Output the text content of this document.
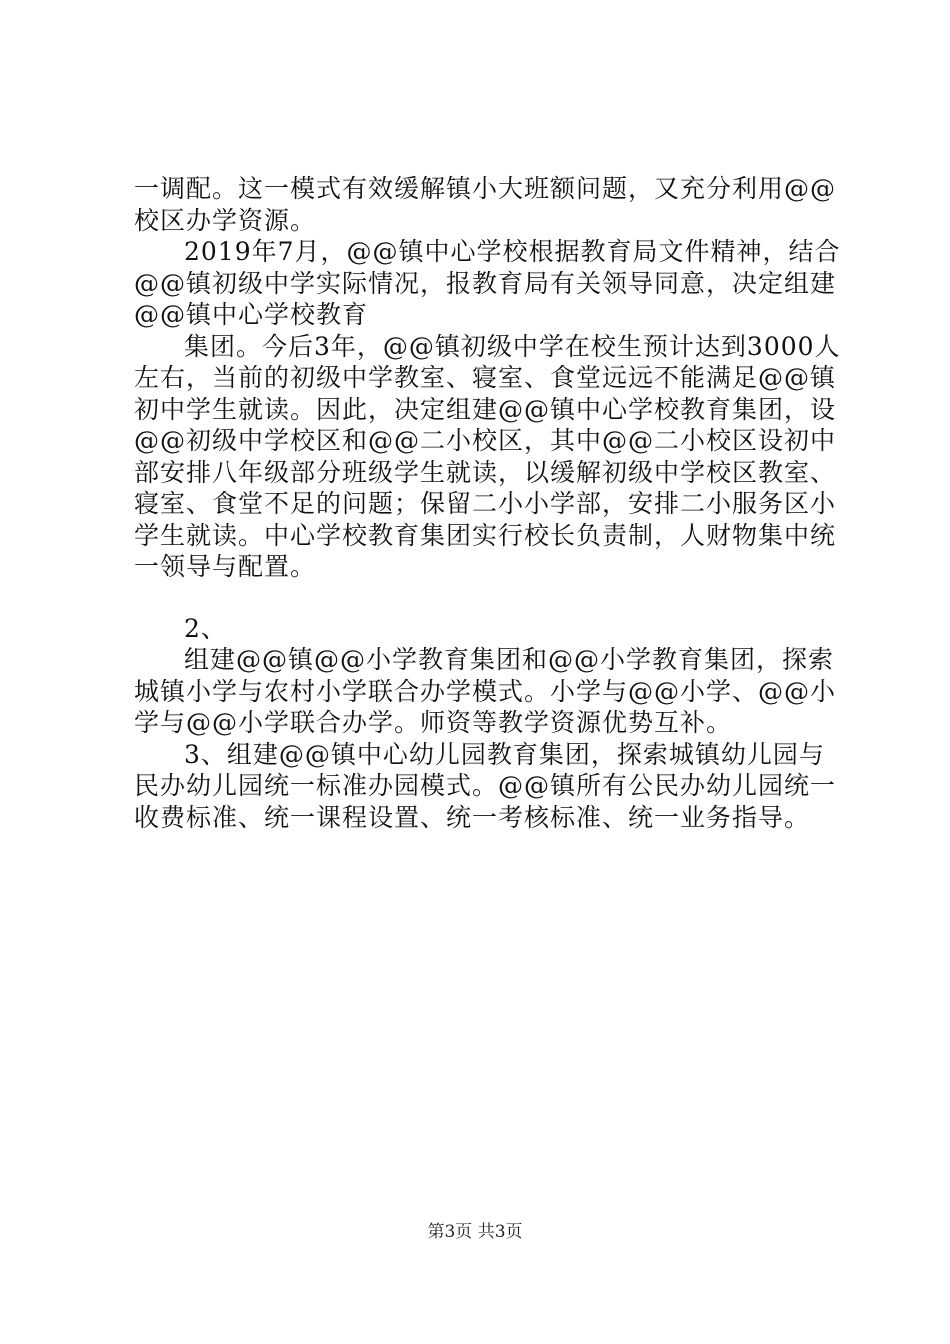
一调配。这一模式有效缓解镇小大班额问题，又充分利用@@校区办学资源。

2019年7月，@@镇中心学校根据教育局文件精神，结合@@镇初级中学实际情况，报教育局有关领导同意，决定组建@@镇中心学校教育

集团。今后3年，@@镇初级中学在校生预计达到3000人左右，当前的初级中学教室、寝室、食堂远远不能满足@@镇初中学生就读。因此，决定组建@@镇中心学校教育集团，设@@初级中学校区和@@二小校区，其中@@二小校区设初中部安排八年级部分班级学生就读，以缓解初级中学校区教室、寝室、食堂不足的问题；保留二小小学部，安排二小服务区小学生就读。中心学校教育集团实行校长负责制，人财物集中统一领导与配置。

2、

组建@@镇@@小学教育集团和@@小学教育集团，探索城镇小学与农村小学联合办学模式。小学与@@小学、@@小学与@@小学联合办学。师资等教学资源优势互补。

3、组建@@镇中心幼儿园教育集团，探索城镇幼儿园与民办幼儿园统一标准办园模式。@@镇所有公民办幼儿园统一收费标准、统一课程设置、统一考核标准、统一业务指导。

第3页 共3页
